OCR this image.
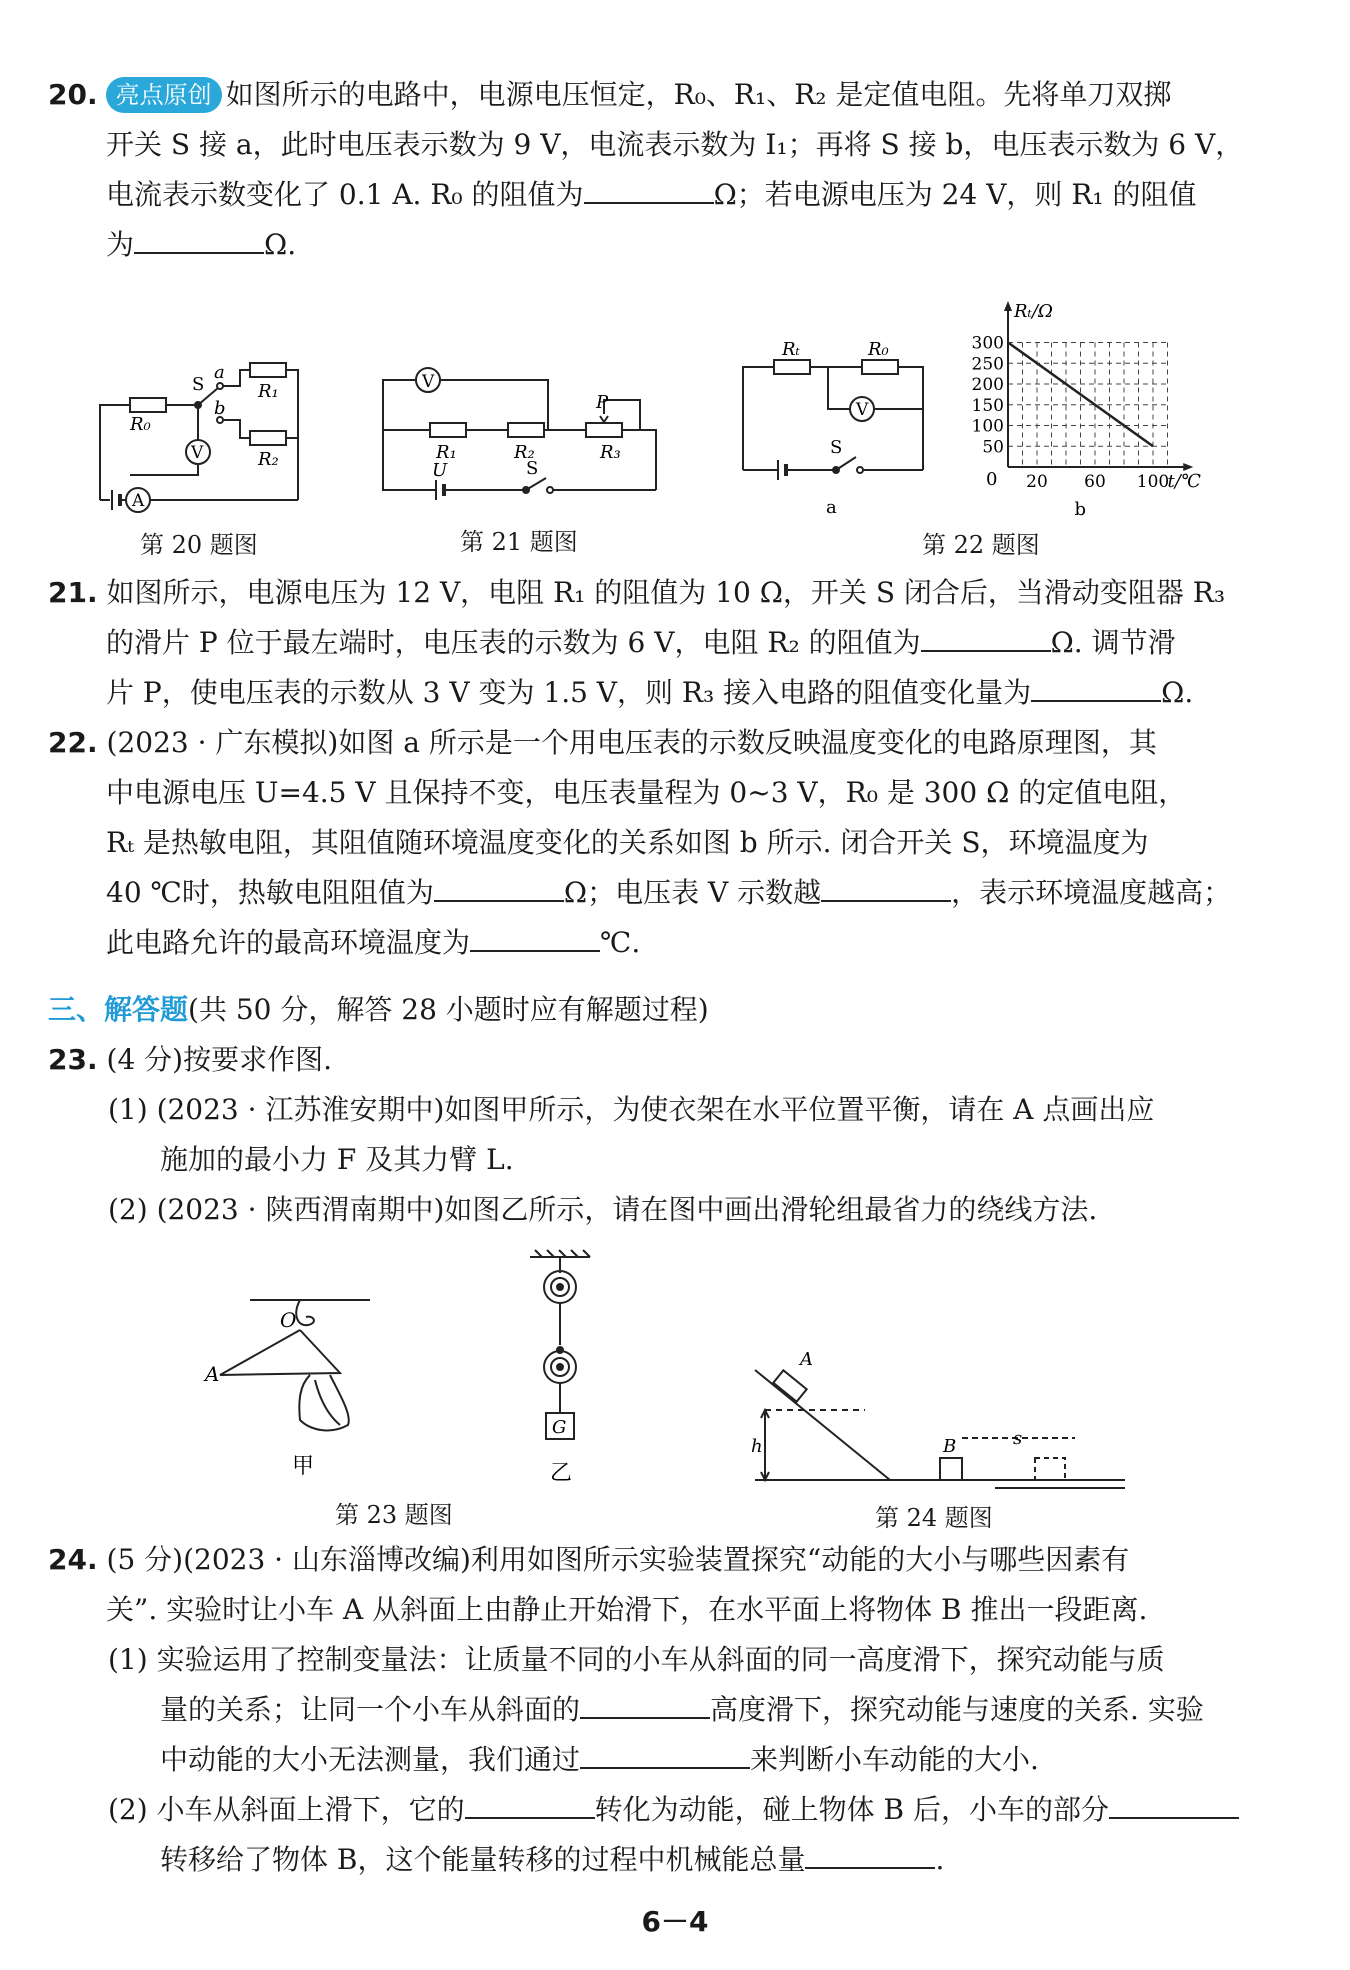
20. 亮点原创 如图所示的电路中，电源电压恒定，R₀、R₁、R₂ 是定值电阻。先将单刀双掷
开关 S 接 a，此时电压表示数为 9 V，电流表示数为 I₁；再将 S 接 b，电压表示数为 6 V，
电流表示数变化了 0.1 A. R₀ 的阻值为	Ω；若电源电压为 24 V，则 R₁ 的阻值
为	Ω.
R₀
R₁
R₂
S
a
b
V
A
V
R₁	R₂	R₃
P
U	S
Rₜ	R₀
V
S
a
Rₜ/Ω
t/℃
0
50
100
150
200
250
300
20 60 100
b
第 20 题图	第 21 题图	第 22 题图
21. 如图所示，电源电压为 12 V，电阻 R₁ 的阻值为 10 Ω，开关 S 闭合后，当滑动变阻器 R₃
的滑片 P 位于最左端时，电压表的示数为 6 V，电阻 R₂ 的阻值为	Ω. 调节滑
片 P，使电压表的示数从 3 V 变为 1.5 V，则 R₃ 接入电路的阻值变化量为	Ω.
22. (2023 · 广东模拟)如图 a 所示是一个用电压表的示数反映温度变化的电路原理图，其
中电源电压 U=4.5 V 且保持不变，电压表量程为 0~3 V，R₀ 是 300 Ω 的定值电阻，
Rₜ 是热敏电阻，其阻值随环境温度变化的关系如图 b 所示. 闭合开关 S，环境温度为
40 ℃时，热敏电阻阻值为	Ω；电压表 V 示数越	，表示环境温度越高；
此电路允许的最高环境温度为	℃.
三、解答题(共 50 分，解答 28 小题时应有解题过程)
23. (4 分)按要求作图.
(1) (2023 · 江苏淮安期中)如图甲所示，为使衣架在水平位置平衡，请在 A 点画出应
施加的最小力 F 及其力臂 L.
(2) (2023 · 陕西渭南期中)如图乙所示，请在图中画出滑轮组最省力的绕线方法.
O
A
甲
G
乙
A
h	B	s
第 23 题图	第 24 题图
24. (5 分)(2023 · 山东淄博改编)利用如图所示实验装置探究“动能的大小与哪些因素有
关”. 实验时让小车 A 从斜面上由静止开始滑下，在水平面上将物体 B 推出一段距离.
(1) 实验运用了控制变量法：让质量不同的小车从斜面的同一高度滑下，探究动能与质
量的关系；让同一个小车从斜面的	高度滑下，探究动能与速度的关系. 实验
中动能的大小无法测量，我们通过	来判断小车动能的大小.
(2) 小车从斜面上滑下，它的	转化为动能，碰上物体 B 后，小车的部分
转移给了物体 B，这个能量转移的过程中机械能总量	.
6－4
